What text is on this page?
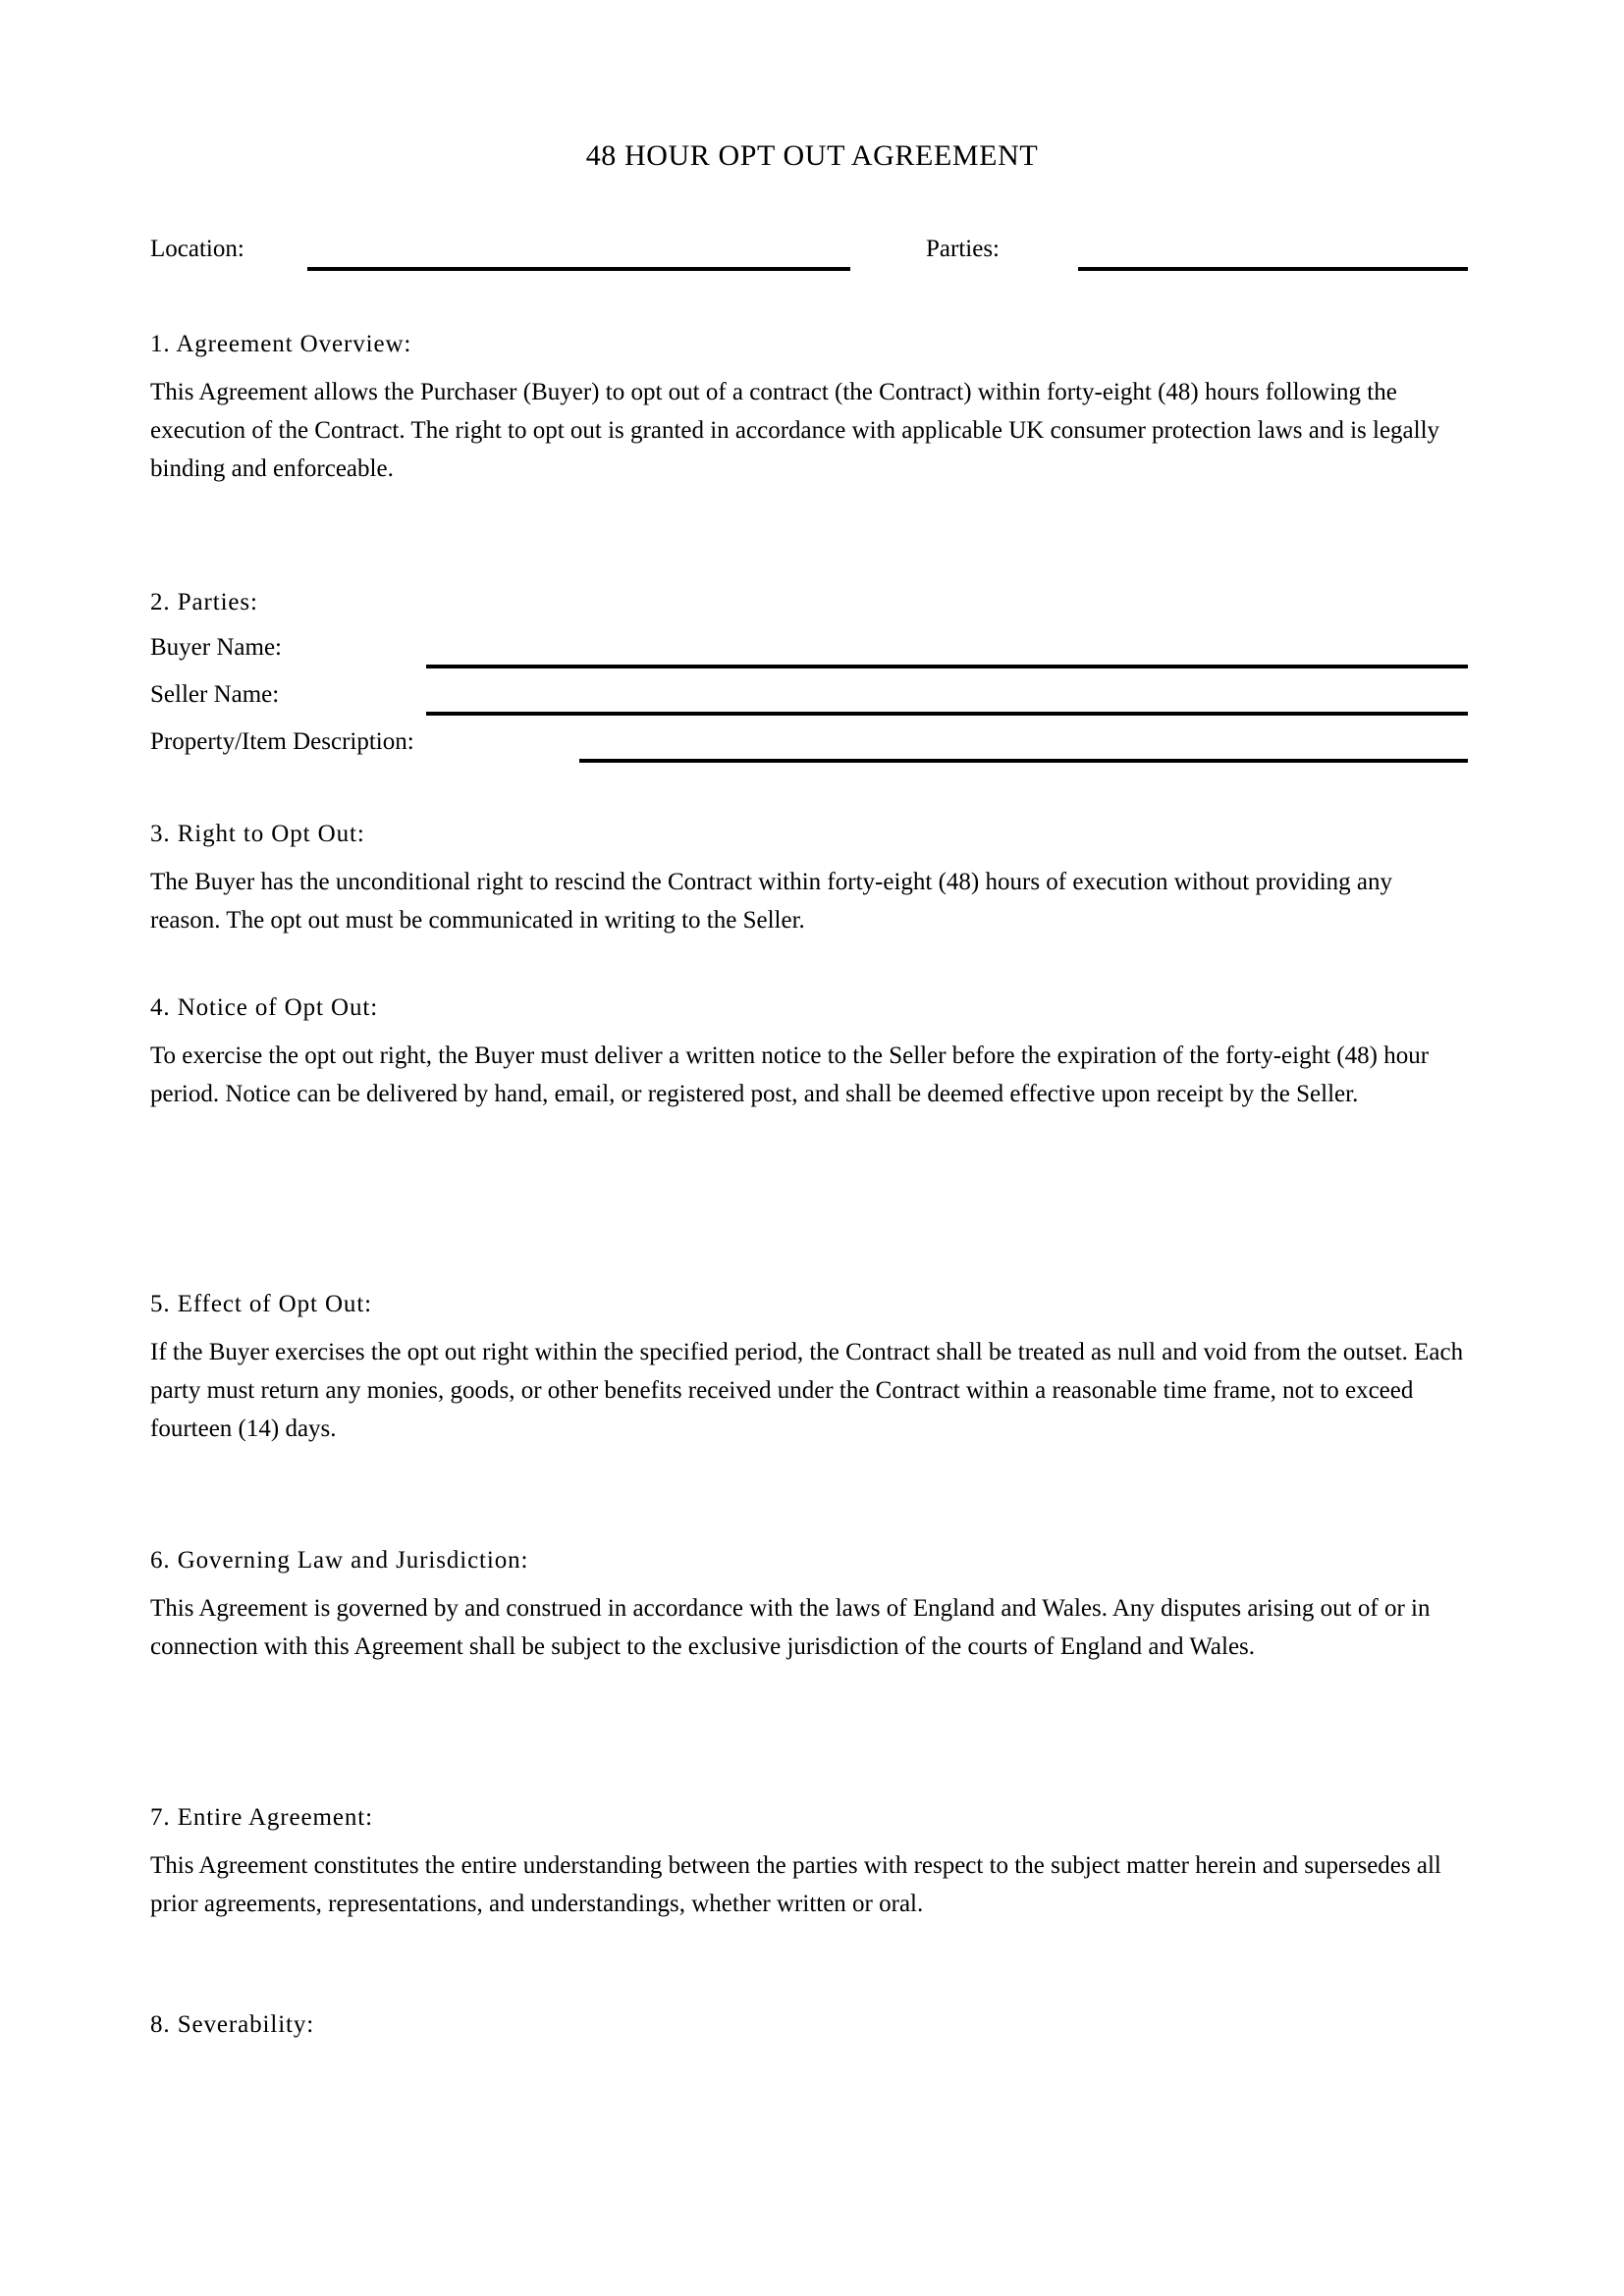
48 HOUR OPT OUT AGREEMENT
Location:	Parties:

1. Agreement Overview:

This Agreement allows the Purchaser (Buyer) to opt out of a contract (the Contract) within forty-eight (48) hours following the execution of the Contract. The right to opt out is granted in accordance with applicable UK consumer protection laws and is legally binding and enforceable.

2. Parties:

Buyer Name:
Seller Name:
Property/Item Description:

3. Right to Opt Out:

The Buyer has the unconditional right to rescind the Contract within forty-eight (48) hours of execution without providing any reason. The opt out must be communicated in writing to the Seller.

4. Notice of Opt Out:

To exercise the opt out right, the Buyer must deliver a written notice to the Seller before the expiration of the forty-eight (48) hour period. Notice can be delivered by hand, email, or registered post, and shall be deemed effective upon receipt by the Seller.

5. Effect of Opt Out:

If the Buyer exercises the opt out right within the specified period, the Contract shall be treated as null and void from the outset. Each party must return any monies, goods, or other benefits received under the Contract within a reasonable time frame, not to exceed fourteen (14) days.

6. Governing Law and Jurisdiction:

This Agreement is governed by and construed in accordance with the laws of England and Wales. Any disputes arising out of or in connection with this Agreement shall be subject to the exclusive jurisdiction of the courts of England and Wales.

7. Entire Agreement:

This Agreement constitutes the entire understanding between the parties with respect to the subject matter herein and supersedes all prior agreements, representations, and understandings, whether written or oral.

8. Severability:
